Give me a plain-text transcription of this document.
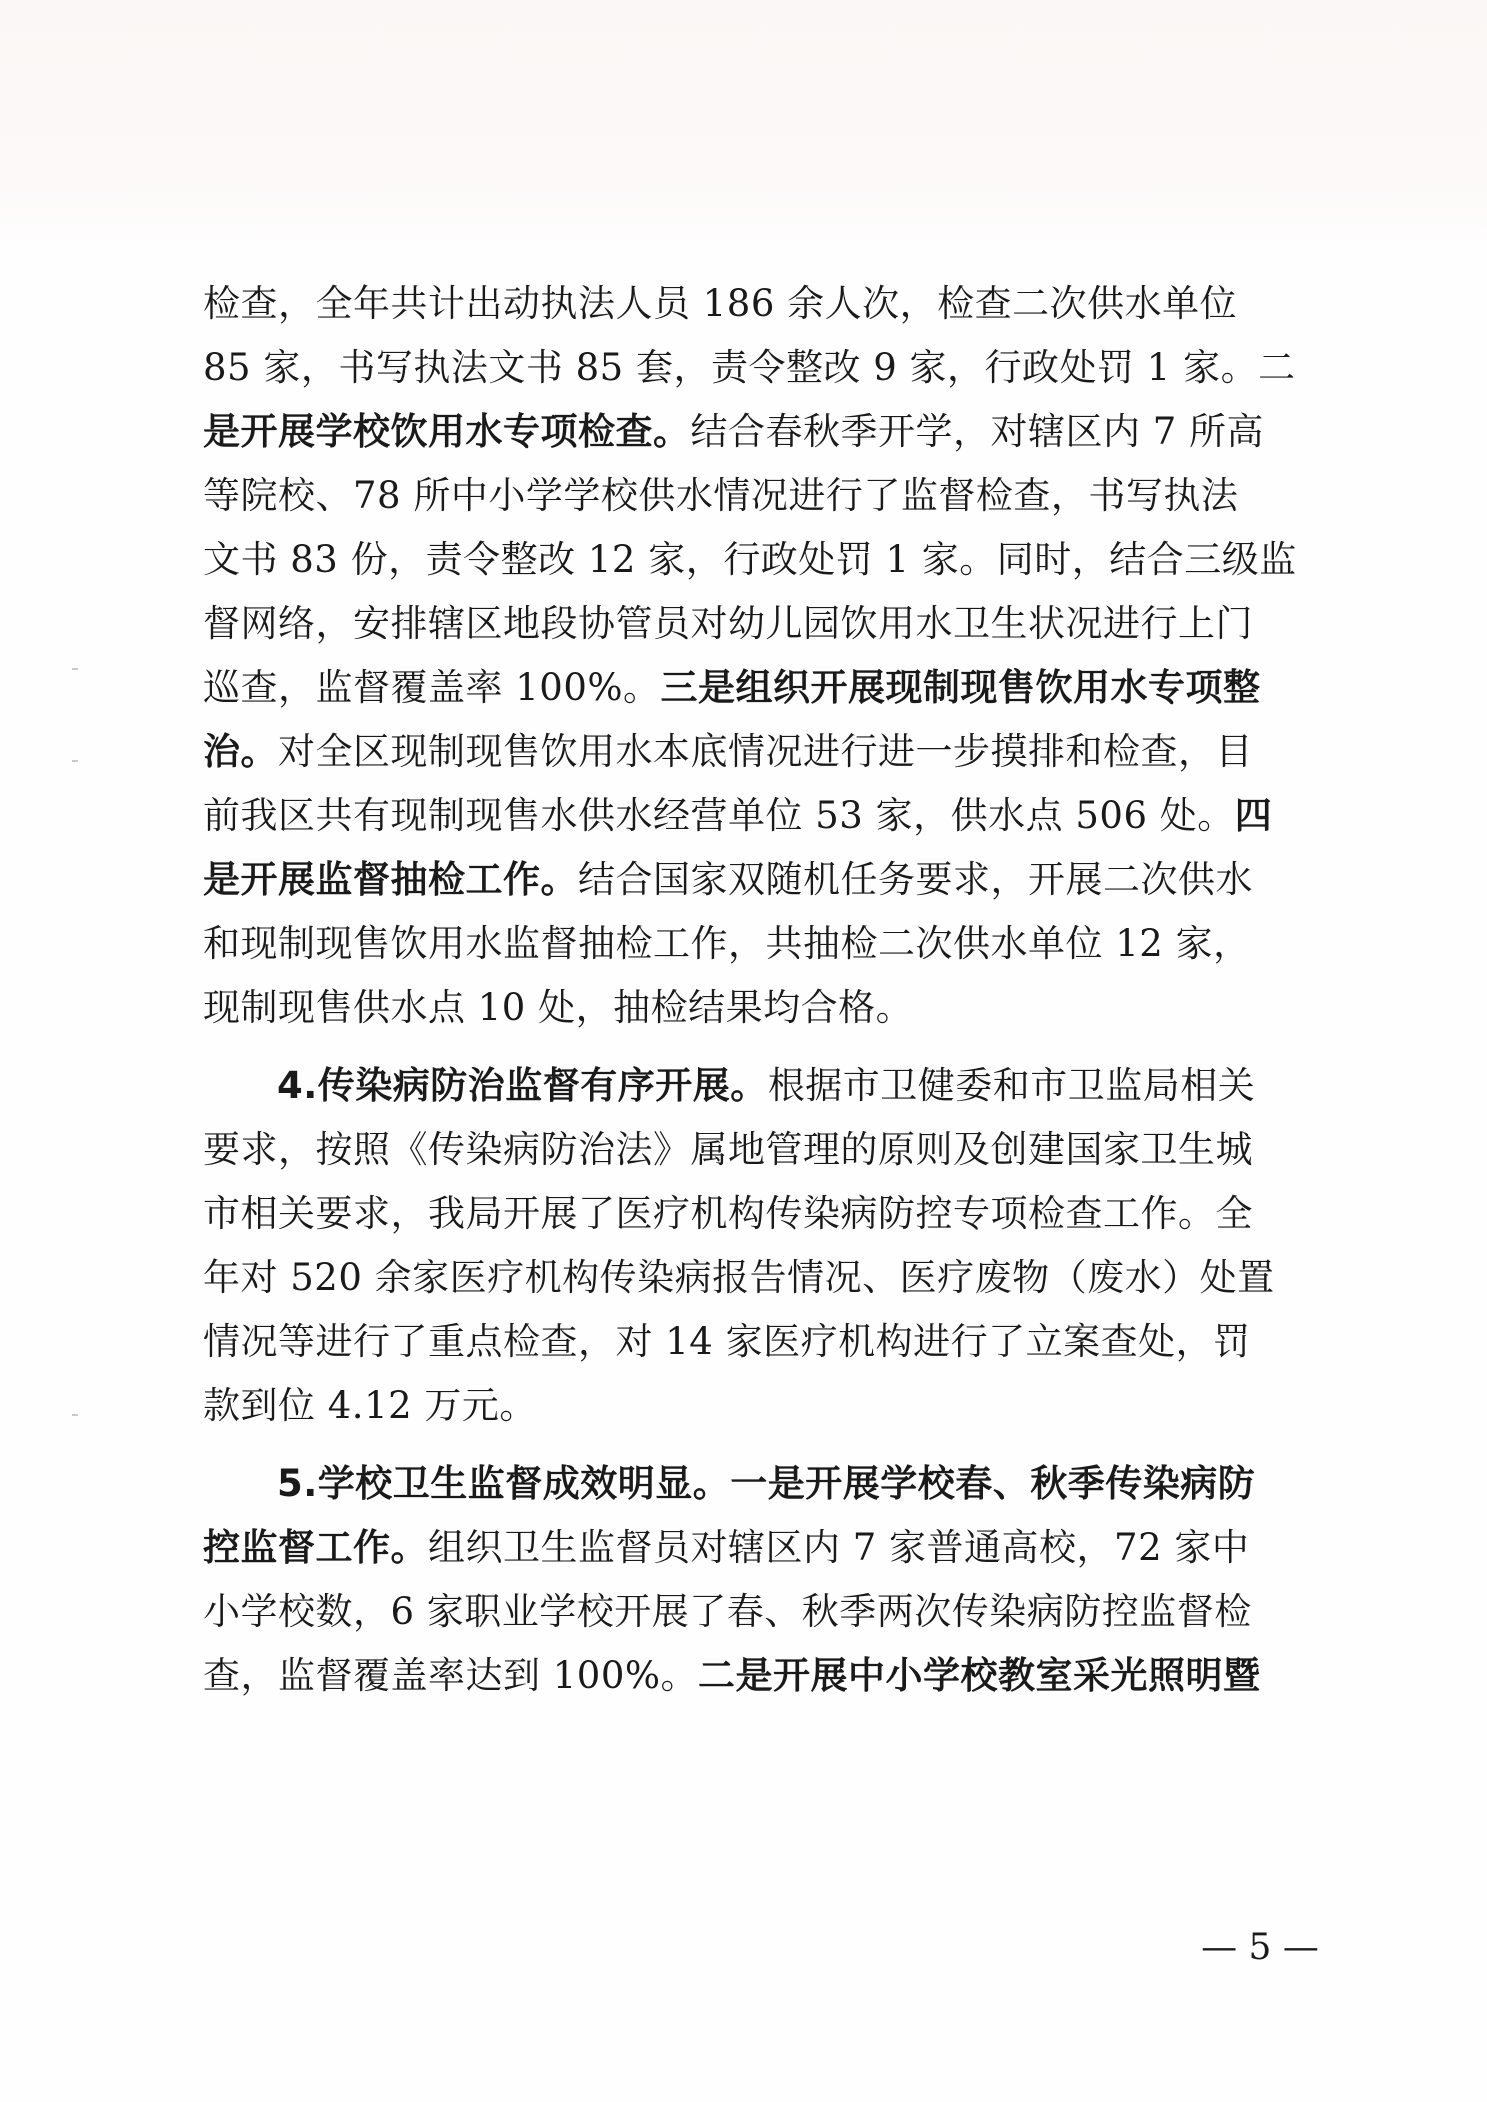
检查，全年共计出动执法人员 186 余人次，检查二次供水单位
85 家，书写执法文书 85 套，责令整改 9 家，行政处罚 1 家。二
是开展学校饮用水专项检查。结合春秋季开学，对辖区内 7 所高
等院校、78 所中小学学校供水情况进行了监督检查，书写执法
文书 83 份，责令整改 12 家，行政处罚 1 家。同时，结合三级监
督网络，安排辖区地段协管员对幼儿园饮用水卫生状况进行上门
巡查，监督覆盖率 100%。三是组织开展现制现售饮用水专项整
治。对全区现制现售饮用水本底情况进行进一步摸排和检查，目
前我区共有现制现售水供水经营单位 53 家，供水点 506 处。四
是开展监督抽检工作。结合国家双随机任务要求，开展二次供水
和现制现售饮用水监督抽检工作，共抽检二次供水单位 12 家，
现制现售供水点 10 处，抽检结果均合格。
4.传染病防治监督有序开展。根据市卫健委和市卫监局相关
要求，按照《传染病防治法》属地管理的原则及创建国家卫生城
市相关要求，我局开展了医疗机构传染病防控专项检查工作。全
年对 520 余家医疗机构传染病报告情况、医疗废物（废水）处置
情况等进行了重点检查，对 14 家医疗机构进行了立案查处，罚
款到位 4.12 万元。
5.学校卫生监督成效明显。一是开展学校春、秋季传染病防
控监督工作。组织卫生监督员对辖区内 7 家普通高校，72 家中
小学校数，6 家职业学校开展了春、秋季两次传染病防控监督检
查，监督覆盖率达到 100%。二是开展中小学校教室采光照明暨
— 5 —
